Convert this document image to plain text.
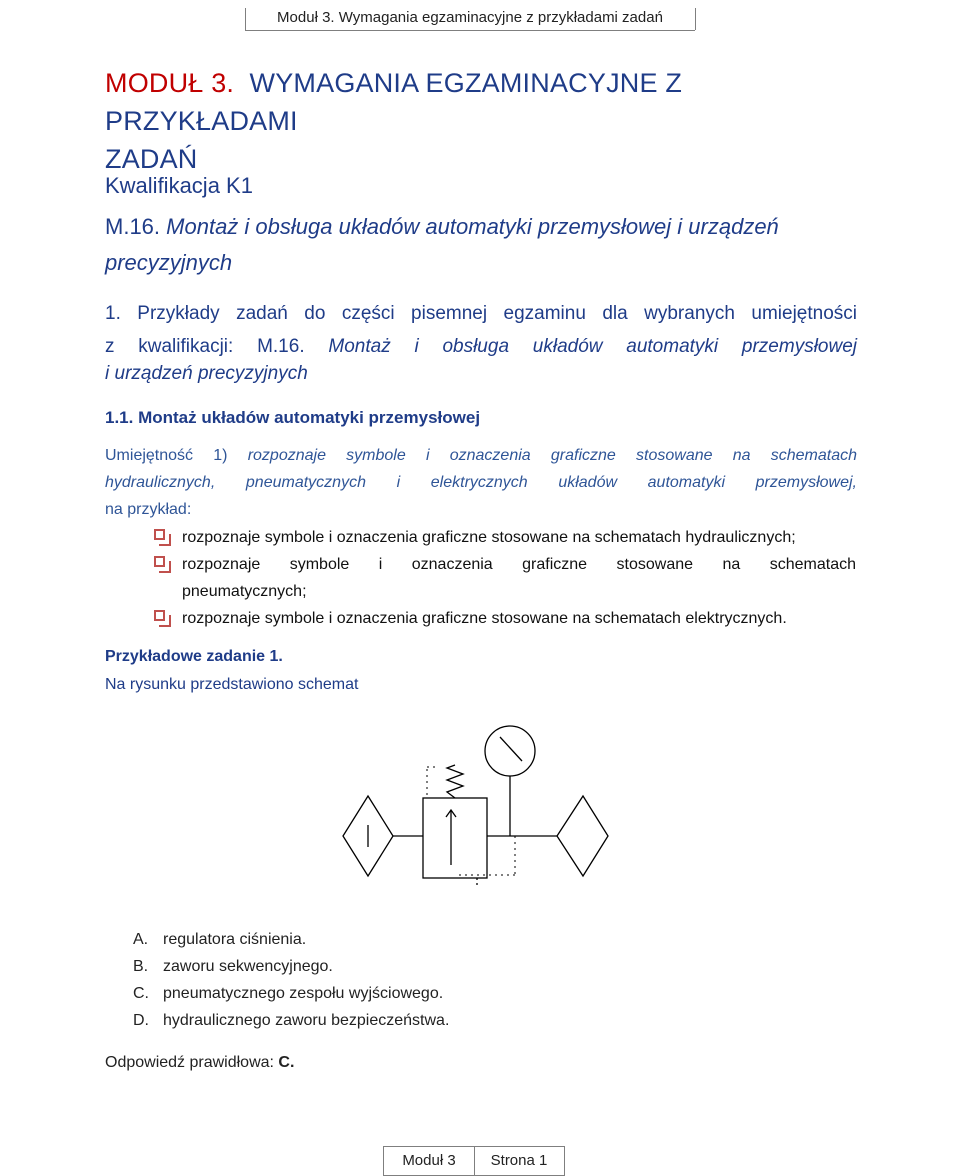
Moduł 3. Wymagania egzaminacyjne z przykładami zadań
MODUŁ 3. WYMAGANIA EGZAMINACYJNE Z PRZYKŁADAMI
ZADAŃ
Kwalifikacja K1
M.16. Montaż i obsługa układów automatyki przemysłowej i urządzeń
precyzyjnych
1. Przykłady zadań do części pisemnej egzaminu dla wybranych umiejętności
z kwalifikacji: M.16. Montaż i obsługa układów automatyki przemysłowej
i urządzeń precyzyjnych
1.1. Montaż układów automatyki przemysłowej
Umiejętność 1) rozpoznaje symbole i oznaczenia graficzne stosowane na schematach
hydraulicznych, pneumatycznych i elektrycznych układów automatyki przemysłowej,
na przykład:
rozpoznaje symbole i oznaczenia graficzne stosowane na schematach hydraulicznych;
rozpoznaje symbole i oznaczenia graficzne stosowane na schematach
pneumatycznych;
rozpoznaje symbole i oznaczenia graficzne stosowane na schematach elektrycznych.
Przykładowe zadanie 1.
Na rysunku przedstawiono schemat
A. regulatora ciśnienia.
B. zaworu sekwencyjnego.
C. pneumatycznego zespołu wyjściowego.
D. hydraulicznego zaworu bezpieczeństwa.
Odpowiedź prawidłowa: C.
Moduł 3	Strona 1
